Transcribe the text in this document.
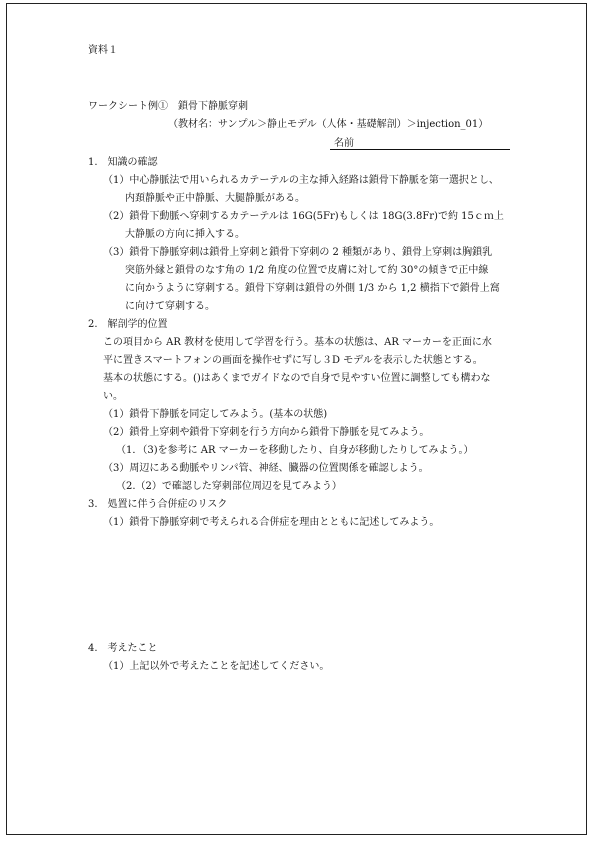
資料１
ワークシート例①　鎖骨下静脈穿刺
（教材名：サンプル＞静止モデル（人体・基礎解剖）＞injection_01）
名前
1.　知識の確認
（1）中心静脈法で用いられるカテーテルの主な挿入経路は鎖骨下静脈を第一選択とし、
内頚静脈や正中静脈、大腿静脈がある。
（2）鎖骨下動脈へ穿刺するカテーテルは 16G(5Fr)もしくは 18G(3.8Fr)で約 15ｃｍ上
大静脈の方向に挿入する。
（3）鎖骨下静脈穿刺は鎖骨上穿刺と鎖骨下穿刺の 2 種類があり、鎖骨上穿刺は胸鎖乳
突筋外縁と鎖骨のなす角の 1/2 角度の位置で皮膚に対して約 30°の傾きで正中線
に向かうように穿刺する。鎖骨下穿刺は鎖骨の外側 1/3 から 1,2 横指下で鎖骨上窩
に向けて穿刺する。
2.　解剖学的位置
この項目から AR 教材を使用して学習を行う。基本の状態は、AR マーカーを正面に水
平に置きスマートフォンの画面を操作せずに写し３D モデルを表示した状態とする。
基本の状態にする。()はあくまでガイドなので自身で見やすい位置に調整しても構わな
い。
（1）鎖骨下静脈を同定してみよう。(基本の状態)
（2）鎖骨上穿刺や鎖骨下穿刺を行う方向から鎖骨下静脈を見てみよう。
（1．（3)を参考に AR マーカーを移動したり、自身が移動したりしてみよう。）
（3）周辺にある動脈やリンパ管、神経、臓器の位置関係を確認しよう。
（2.（2）で確認した穿刺部位周辺を見てみよう）
3.　処置に伴う合併症のリスク
（1）鎖骨下静脈穿刺で考えられる合併症を理由とともに記述してみよう。
4.　考えたこと
（1）上記以外で考えたことを記述してください。
